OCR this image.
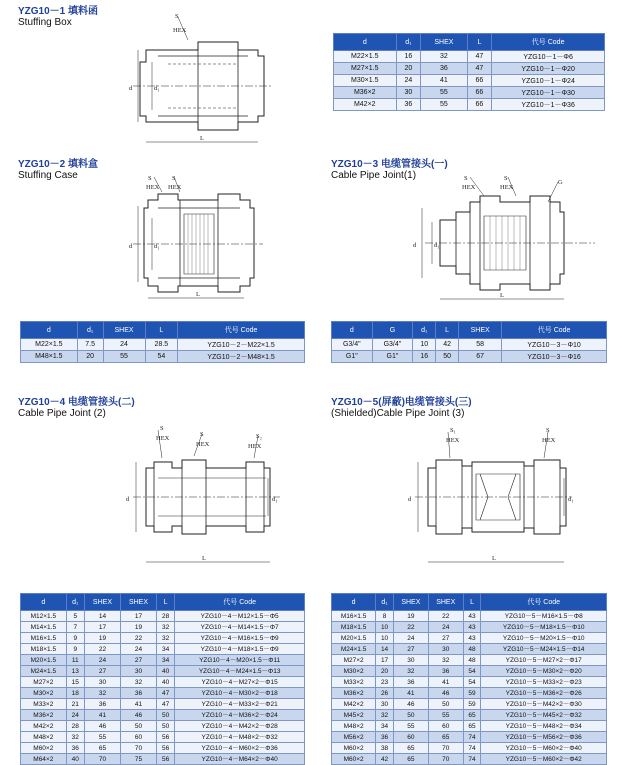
YZG10－1 填料函
Stuffing Box
S
HEX
d	d₁
L
d	d₁	SHEX	L	代号 Code
M22×1.5	16	32	47	YZG10－1－Φ6
M27×1.5	20	36	47	YZG10－1－Φ20
M30×1.5	24	41	66	YZG10－1－Φ24
M36×2	30	55	66	YZG10－1－Φ30
M42×2	36	55	66	YZG10－1－Φ36
YZG10－2 填料盒
Stuffing Case	S
HEX
S
HEX
d	d₁
L
d	d₁	SHEX	L	代号 Code
M22×1.5	7.5	24	28.5	YZG10－2－M22×1.5
M48×1.5	20	55	54	YZG10－2－M48×1.5
YZG10－3 电缆管接头(一)
Cable Pipe Joint(1)	S
HEX
S
HEX
G
d	d₁
L
d	G	d₁	L	SHEX	代号 Code
G3/4"	G3/4"	10	42	58	YZG10－3－Φ10
G1"	G1"	16	50	67	YZG10－3－Φ16
YZG10－4 电缆管接头(二)
Cable Pipe Joint (2)
S
HEX
S
HEX
S₂
HEX
d	d₁
L
d	d₁	SHEX	SHEX	L	代号 Code
M12×1.5	5	14	17	28	YZG10－4－M12×1.5－Φ5
M14×1.5	7	17	19	32	YZG10－4－M14×1.5－Φ7
M16×1.5	9	19	22	32	YZG10－4－M16×1.5－Φ9
M18×1.5	9	22	24	34	YZG10－4－M18×1.5－Φ9
M20×1.5	11	24	27	34	YZG10－4－M20×1.5－Φ11
M24×1.5	13	27	30	40	YZG10－4－M24×1.5－Φ13
M27×2	15	30	32	40	YZG10－4－M27×2－Φ15
M30×2	18	32	36	47	YZG10－4－M30×2－Φ18
M33×2	21	36	41	47	YZG10－4－M33×2－Φ21
M36×2	24	41	46	50	YZG10－4－M36×2－Φ24
M42×2	28	46	50	50	YZG10－4－M42×2－Φ28
M48×2	32	55	60	56	YZG10－4－M48×2－Φ32
M60×2	36	65	70	56	YZG10－4－M60×2－Φ36
M64×2	40	70	75	56	YZG10－4－M64×2－Φ40
YZG10－5(屏蔽)电缆管接头(三)
(Shielded)Cable Pipe Joint (3)
S₁
HEX
S
HEX
d	d₁
L
d	d₁	SHEX	SHEX	L	代号 Code
M16×1.5	8	19	22	43	YZG10－5－M16×1.5－Φ8
M18×1.5	10	22	24	43	YZG10－5－M18×1.5－Φ10
M20×1.5	10	24	27	43	YZG10－5－M20×1.5－Φ10
M24×1.5	14	27	30	48	YZG10－5－M24×1.5－Φ14
M27×2	17	30	32	48	YZG10－5－M27×2－Φ17
M30×2	20	32	36	54	YZG10－5－M30×2－Φ20
M33×2	23	36	41	54	YZG10－5－M33×2－Φ23
M36×2	26	41	46	59	YZG10－5－M36×2－Φ26
M42×2	30	46	50	59	YZG10－5－M42×2－Φ30
M45×2	32	50	55	65	YZG10－5－M45×2－Φ32
M48×2	34	55	60	65	YZG10－5－M48×2－Φ34
M56×2	36	60	65	74	YZG10－5－M56×2－Φ36
M60×2	38	65	70	74	YZG10－5－M60×2－Φ40
M60×2	42	65	70	74	YZG10－5－M60×2－Φ42
